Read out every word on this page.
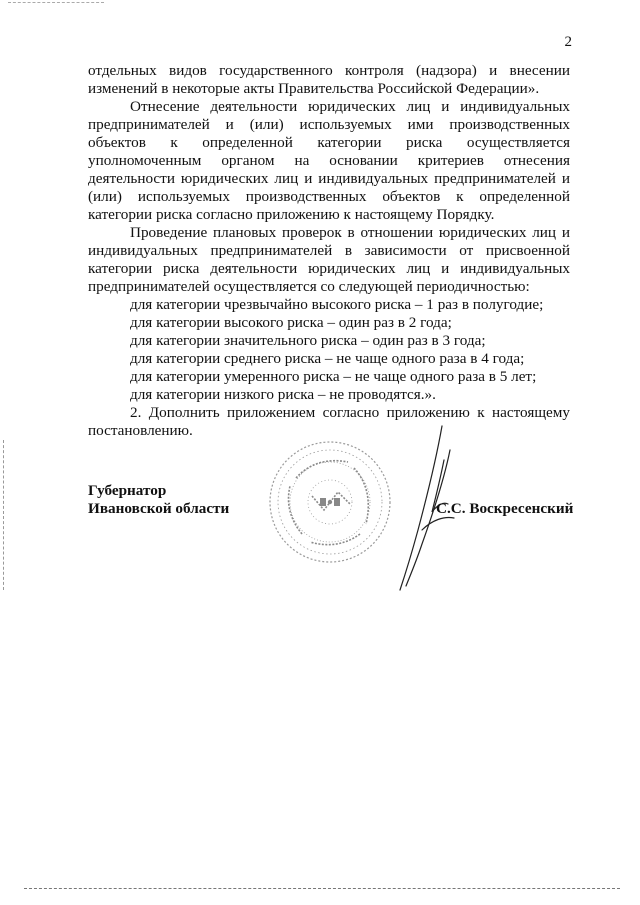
2

отдельных видов государственного контроля (надзора) и внесении изменений в некоторые акты Правительства Российской Федерации».

Отнесение деятельности юридических лиц и индивидуальных предпринимателей и (или) используемых ими производственных объектов к определенной категории риска осуществляется уполномоченным органом на основании критериев отнесения деятельности юридических лиц и индивидуальных предпринимателей и (или) используемых производственных объектов к определенной категории риска согласно приложению к настоящему Порядку.

Проведение плановых проверок в отношении юридических лиц и индивидуальных предпринимателей в зависимости от присвоенной категории риска деятельности юридических лиц и индивидуальных предпринимателей осуществляется со следующей периодичностью:

для категории чрезвычайно высокого риска – 1 раз в полугодие;
для категории высокого риска – один раз в 2 года;
для категории значительного риска – один раз в 3 года;
для категории среднего риска – не чаще одного раза в 4 года;
для категории умеренного риска – не чаще одного раза в 5 лет;
для категории низкого риска – не проводятся.».

2. Дополнить приложением согласно приложению к настоящему постановлению.

Губернатор
Ивановской области	С.С. Воскресенский
